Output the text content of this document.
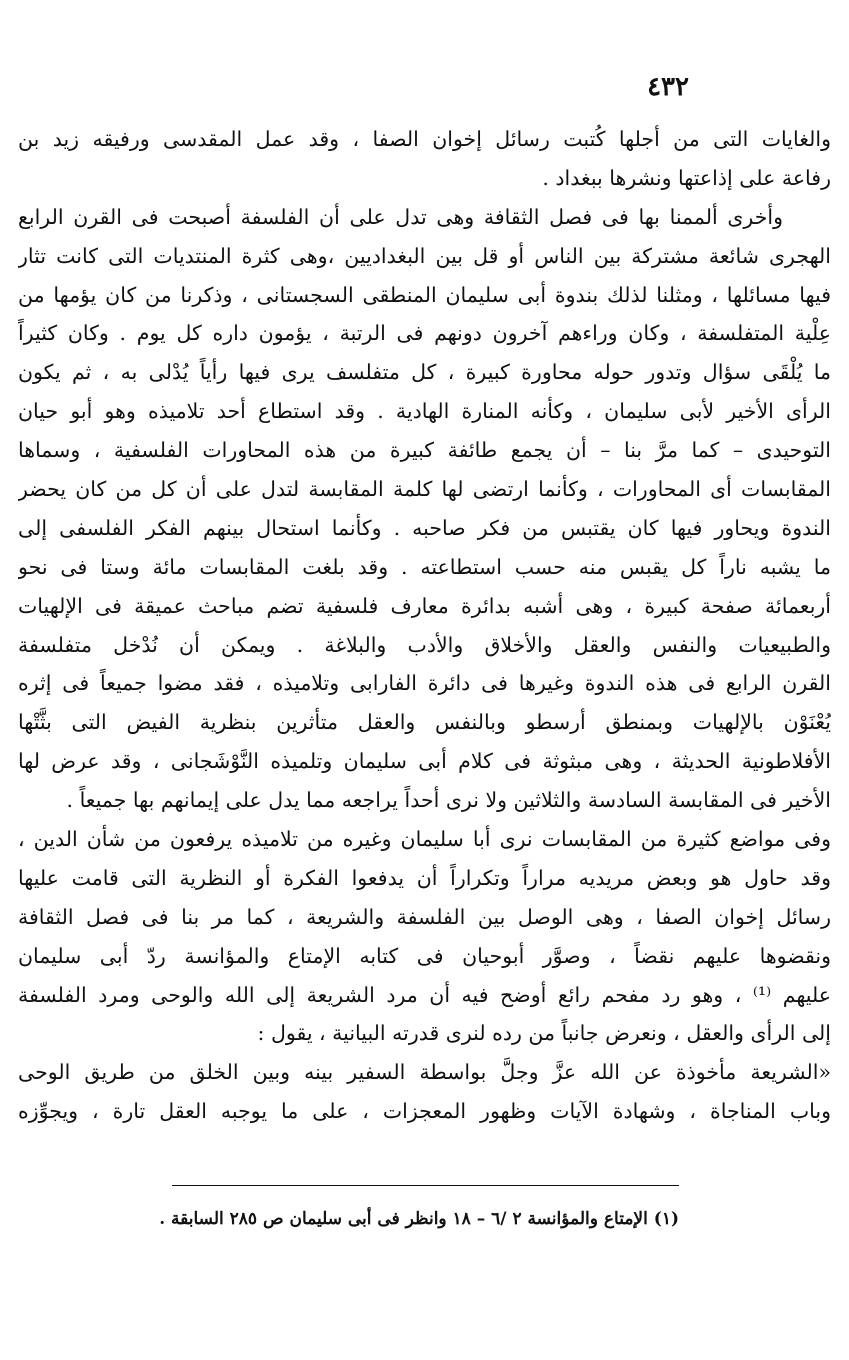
٤٣٢
والغايات التى من أجلها كُتبت رسائل إخوان الصفا ، وقد عمل المقدسى ورفيقه زيد بن
رفاعة على إذاعتها ونشرها ببغداد .
وأخرى ألممنا بها فى فصل الثقافة وهى تدل على أن الفلسفة أصبحت فى القرن الرابع
الهجرى شائعة مشتركة بين الناس أو قل بين البغداديين ،وهى كثرة المنتديات التى كانت تثار
فيها مسائلها ، ومثلنا لذلك بندوة أبى سليمان المنطقى السجستانى ، وذكرنا من كان يؤمها من
عِلْية المتفلسفة ، وكان وراءهم آخرون دونهم فى الرتبة ، يؤمون داره كل يوم . وكان كثيراً
ما يُلْقَى سؤال وتدور حوله محاورة كبيرة ، كل متفلسف يرى فيها رأياً يُدْلى به ، ثم يكون
الرأى الأخير لأبى سليمان ، وكأنه المنارة الهادية . وقد استطاع أحد تلاميذه وهو أبو حيان
التوحيدى – كما مرَّ بنا – أن يجمع طائفة كبيرة من هذه المحاورات الفلسفية ، وسماها
المقابسات أى المحاورات ، وكأنما ارتضى لها كلمة المقابسة لتدل على أن كل من كان يحضر
الندوة ويحاور فيها كان يقتبس من فكر صاحبه . وكأنما استحال بينهم الفكر الفلسفى إلى
ما يشبه ناراً كل يقبس منه حسب استطاعته . وقد بلغت المقابسات مائة وستا فى نحو
أربعمائة صفحة كبيرة ، وهى أشبه بدائرة معارف فلسفية تضم مباحث عميقة فى الإلهيات
والطبيعيات والنفس والعقل والأخلاق والأدب والبلاغة . ويمكن أن نُدْخل متفلسفة
القرن الرابع فى هذه الندوة وغيرها فى دائرة الفارابى وتلاميذه ، فقد مضوا جميعاً فى إثره
يُعْنَوْن بالإلهيات وبمنطق أرسطو وبالنفس والعقل متأثرين بنظرية الفيض التى بثَّتْها
الأفلاطونية الحديثة ، وهى مبثوثة فى كلام أبى سليمان وتلميذه النَّوْشَجانى ، وقد عرض لها
الأخير فى المقابسة السادسة والثلاثين ولا نرى أحداً يراجعه مما يدل على إيمانهم بها جميعاً .
وفى مواضع كثيرة من المقابسات نرى أبا سليمان وغيره من تلاميذه يرفعون من شأن الدين ،
وقد حاول هو وبعض مريديه مراراً وتكراراً أن يدفعوا الفكرة أو النظرية التى قامت عليها
رسائل إخوان الصفا ، وهى الوصل بين الفلسفة والشريعة ، كما مر بنا فى فصل الثقافة
ونقضوها عليهم نقضاً ، وصوَّر أبوحيان فى كتابه الإمتاع والمؤانسة ردّ أبى سليمان
عليهم ⁽¹⁾ ، وهو رد مفحم رائع أوضح فيه أن مرد الشريعة إلى الله والوحى ومرد الفلسفة
إلى الرأى والعقل ، ونعرض جانباً من رده لنرى قدرته البيانية ، يقول :
«الشريعة مأخوذة عن الله عزَّ وجلَّ بواسطة السفير بينه وبين الخلق من طريق الوحى
وباب المناجاة ، وشهادة الآيات وظهور المعجزات ، على ما يوجبه العقل تارة ، ويجوِّزه
(١) الإمتاع والمؤانسة ٢ /٦ – ١٨ وانظر فى أبى سليمان ص ٢٨٥ السابقة .
